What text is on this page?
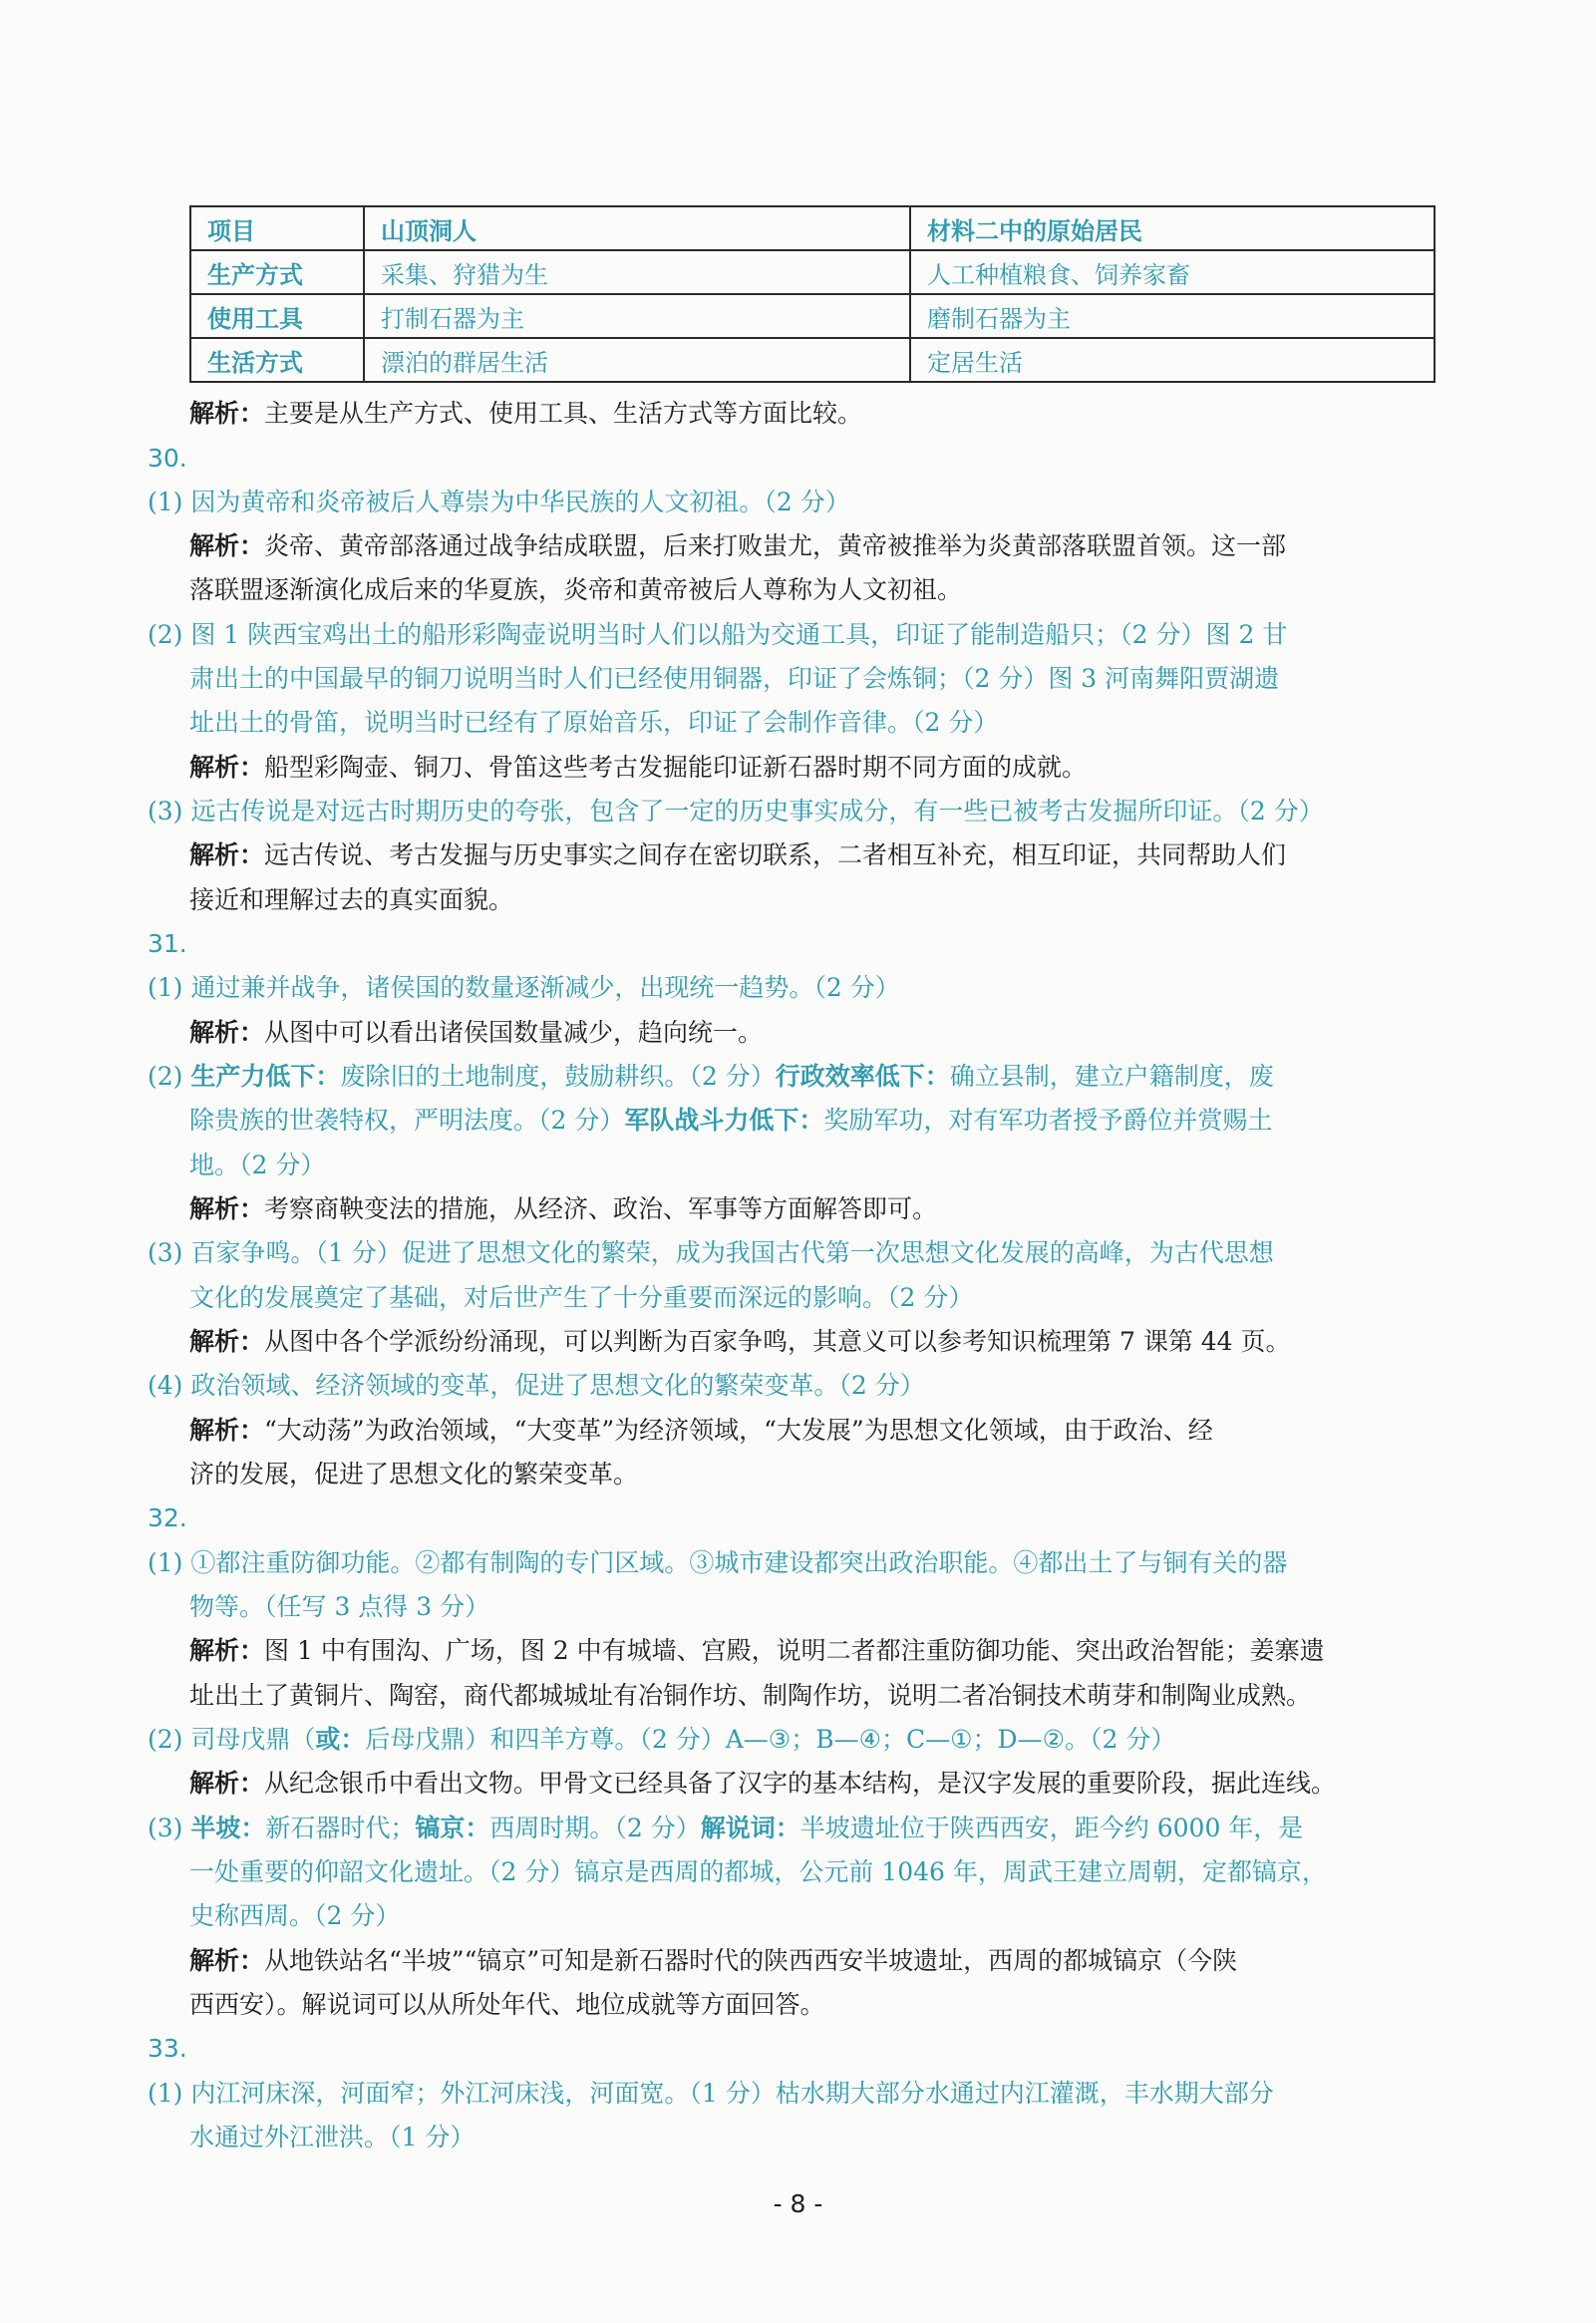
项目	山顶洞人	材料二中的原始居民
生产方式	采集、狩猎为生	人工种植粮食、饲养家畜
使用工具	打制石器为主	磨制石器为主
生活方式	漂泊的群居生活	定居生活
解析：主要是从生产方式、使用工具、生活方式等方面比较。
30.
(1) 因为黄帝和炎帝被后人尊崇为中华民族的人文初祖。（2 分）
解析：炎帝、黄帝部落通过战争结成联盟，后来打败蚩尤，黄帝被推举为炎黄部落联盟首领。这一部
落联盟逐渐演化成后来的华夏族，炎帝和黄帝被后人尊称为人文初祖。
(2) 图 1 陕西宝鸡出土的船形彩陶壶说明当时人们以船为交通工具，印证了能制造船只；（2 分）图 2 甘
肃出土的中国最早的铜刀说明当时人们已经使用铜器，印证了会炼铜；（2 分）图 3 河南舞阳贾湖遗
址出土的骨笛，说明当时已经有了原始音乐，印证了会制作音律。（2 分）
解析：船型彩陶壶、铜刀、骨笛这些考古发掘能印证新石器时期不同方面的成就。
(3) 远古传说是对远古时期历史的夸张，包含了一定的历史事实成分，有一些已被考古发掘所印证。（2 分）
解析：远古传说、考古发掘与历史事实之间存在密切联系，二者相互补充，相互印证，共同帮助人们
接近和理解过去的真实面貌。
31.
(1) 通过兼并战争，诸侯国的数量逐渐减少，出现统一趋势。（2 分）
解析：从图中可以看出诸侯国数量减少，趋向统一。
(2) 生产力低下：废除旧的土地制度，鼓励耕织。（2 分）行政效率低下：确立县制，建立户籍制度，废
除贵族的世袭特权，严明法度。（2 分）军队战斗力低下：奖励军功，对有军功者授予爵位并赏赐土
地。（2 分）
解析：考察商鞅变法的措施，从经济、政治、军事等方面解答即可。
(3) 百家争鸣。（1 分）促进了思想文化的繁荣，成为我国古代第一次思想文化发展的高峰，为古代思想
文化的发展奠定了基础，对后世产生了十分重要而深远的影响。（2 分）
解析：从图中各个学派纷纷涌现，可以判断为百家争鸣，其意义可以参考知识梳理第 7 课第 44 页。
(4) 政治领域、经济领域的变革，促进了思想文化的繁荣变革。（2 分）
解析：“大动荡”为政治领域，“大变革”为经济领域，“大发展”为思想文化领域，由于政治、经
济的发展，促进了思想文化的繁荣变革。
32.
(1) ①都注重防御功能。②都有制陶的专门区域。③城市建设都突出政治职能。④都出土了与铜有关的器
物等。（任写 3 点得 3 分）
解析：图 1 中有围沟、广场，图 2 中有城墙、宫殿，说明二者都注重防御功能、突出政治智能；姜寨遗
址出土了黄铜片、陶窑，商代都城城址有冶铜作坊、制陶作坊，说明二者冶铜技术萌芽和制陶业成熟。
(2) 司母戊鼎（或：后母戊鼎）和四羊方尊。（2 分）A—③；B—④；C—①；D—②。（2 分）
解析：从纪念银币中看出文物。甲骨文已经具备了汉字的基本结构，是汉字发展的重要阶段，据此连线。
(3) 半坡：新石器时代；镐京：西周时期。（2 分）解说词：半坡遗址位于陕西西安，距今约 6000 年，是
一处重要的仰韶文化遗址。（2 分）镐京是西周的都城，公元前 1046 年，周武王建立周朝，定都镐京，
史称西周。（2 分）
解析：从地铁站名“半坡”“镐京”可知是新石器时代的陕西西安半坡遗址，西周的都城镐京（今陕
西西安）。解说词可以从所处年代、地位成就等方面回答。
33.
(1) 内江河床深，河面窄；外江河床浅，河面宽。（1 分）枯水期大部分水通过内江灌溉，丰水期大部分
水通过外江泄洪。（1 分）
- 8 -
